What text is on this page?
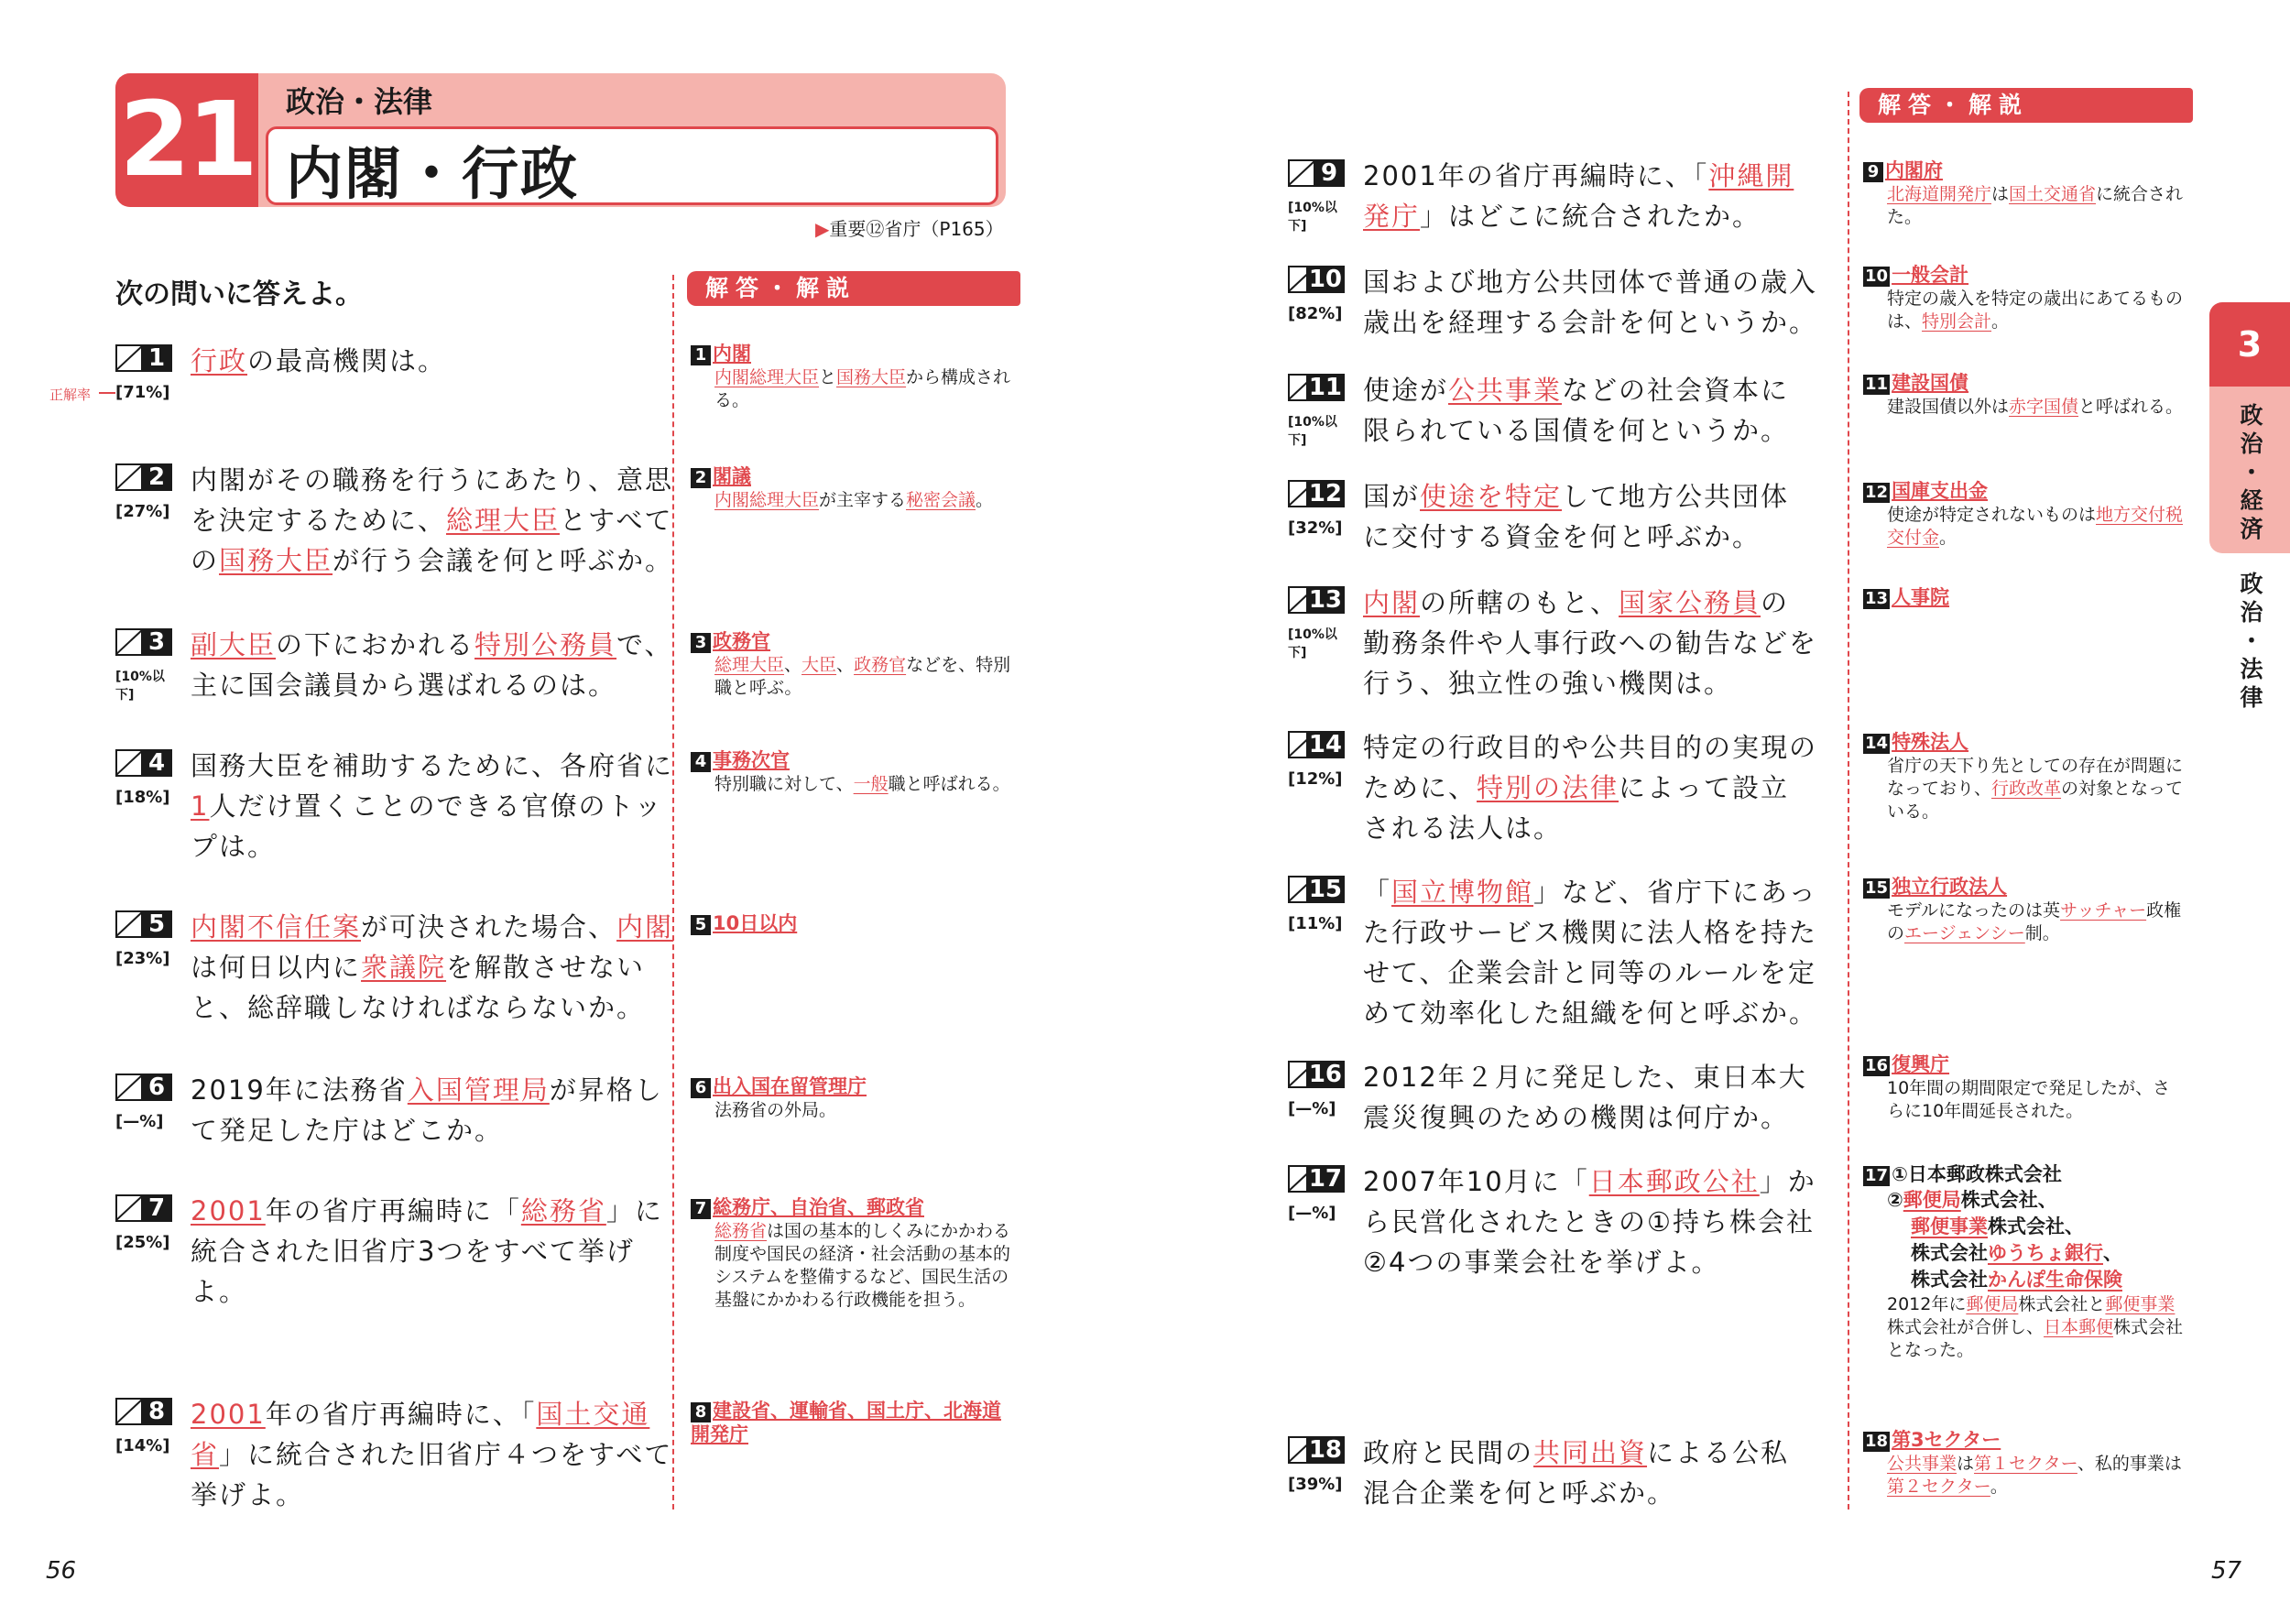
21 政治・法律
内閣・行政
▶重要⑫省庁（P165）
次の問いに答えよ。	解答・解説
解答・解説
正解率
3
政治・経済
政治・法律
56	57
1
[71%]
行政の最高機関は。
2
[27%]
内閣がその職務を行うにあたり、意思を決定するために、総理大臣とすべての国務大臣が行う会議を何と呼ぶか。
3
[10%以下]
副大臣の下におかれる特別公務員で、主に国会議員から選ばれるのは。
4
[18%]
国務大臣を補助するために、各府省に1人だけ置くことのできる官僚のトップは。
5
[23%]
内閣不信任案が可決された場合、内閣は何日以内に衆議院を解散させないと、総辞職しなければならないか。
6
[—%]
2019年に法務省入国管理局が昇格して発足した庁はどこか。
7
[25%]
2001年の省庁再編時に「総務省」に統合された旧省庁3つをすべて挙げよ。
8
[14%]
2001年の省庁再編時に、「国土交通省」に統合された旧省庁４つをすべて挙げよ。
9
[10%以下]
2001年の省庁再編時に、「沖縄開発庁」はどこに統合されたか。
10
[82%]
国および地方公共団体で普通の歳入歳出を経理する会計を何というか。
11
[10%以下]
使途が公共事業などの社会資本に限られている国債を何というか。
12
[32%]
国が使途を特定して地方公共団体に交付する資金を何と呼ぶか。
13
[10%以下]
内閣の所轄のもと、国家公務員の勤務条件や人事行政への勧告などを行う、独立性の強い機関は。
14
[12%]
特定の行政目的や公共目的の実現のために、特別の法律によって設立される法人は。
15
[11%]
「国立博物館」など、省庁下にあった行政サービス機関に法人格を持たせて、企業会計と同等のルールを定めて効率化した組織を何と呼ぶか。
16
[—%]
2012年２月に発足した、東日本大震災復興のための機関は何庁か。
17
[—%]
2007年10月に「日本郵政公社」から民営化されたときの①持ち株会社 ②4つの事業会社を挙げよ。
18
[39%]
政府と民間の共同出資による公私混合企業を何と呼ぶか。
1 内閣
内閣総理大臣と国務大臣から構成される。
2 閣議
内閣総理大臣が主宰する秘密会議。
3 政務官
総理大臣、大臣、政務官などを、特別職と呼ぶ。
4 事務次官
特別職に対して、一般職と呼ばれる。
5 10日以内
6 出入国在留管理庁
法務省の外局。
7 総務庁、自治省、郵政省
総務省は国の基本的しくみにかかわる制度や国民の経済・社会活動の基本的システムを整備するなど、国民生活の基盤にかかわる行政機能を担う。
8 建設省、運輸省、国土庁、北海道開発庁
9 内閣府
北海道開発庁は国土交通省に統合された。
10 一般会計
特定の歳入を特定の歳出にあてるものは、特別会計。
11 建設国債
建設国債以外は赤字国債と呼ばれる。
12 国庫支出金
使途が特定されないものは地方交付税交付金。
13 人事院
14 特殊法人
省庁の天下り先としての存在が問題になっており、行政改革の対象となっている。
15 独立行政法人
モデルになったのは英サッチャー政権のエージェンシー制。
16 復興庁
10年間の期間限定で発足したが、さらに10年間延長された。
17 ①日本郵政株式会社
②郵便局株式会社、
郵便事業株式会社、
株式会社ゆうちょ銀行、
株式会社かんぽ生命保険
2012年に郵便局株式会社と郵便事業株式会社が合併し、日本郵便株式会社となった。
18 第3セクター
公共事業は第１セクター、私的事業は第２セクター。
